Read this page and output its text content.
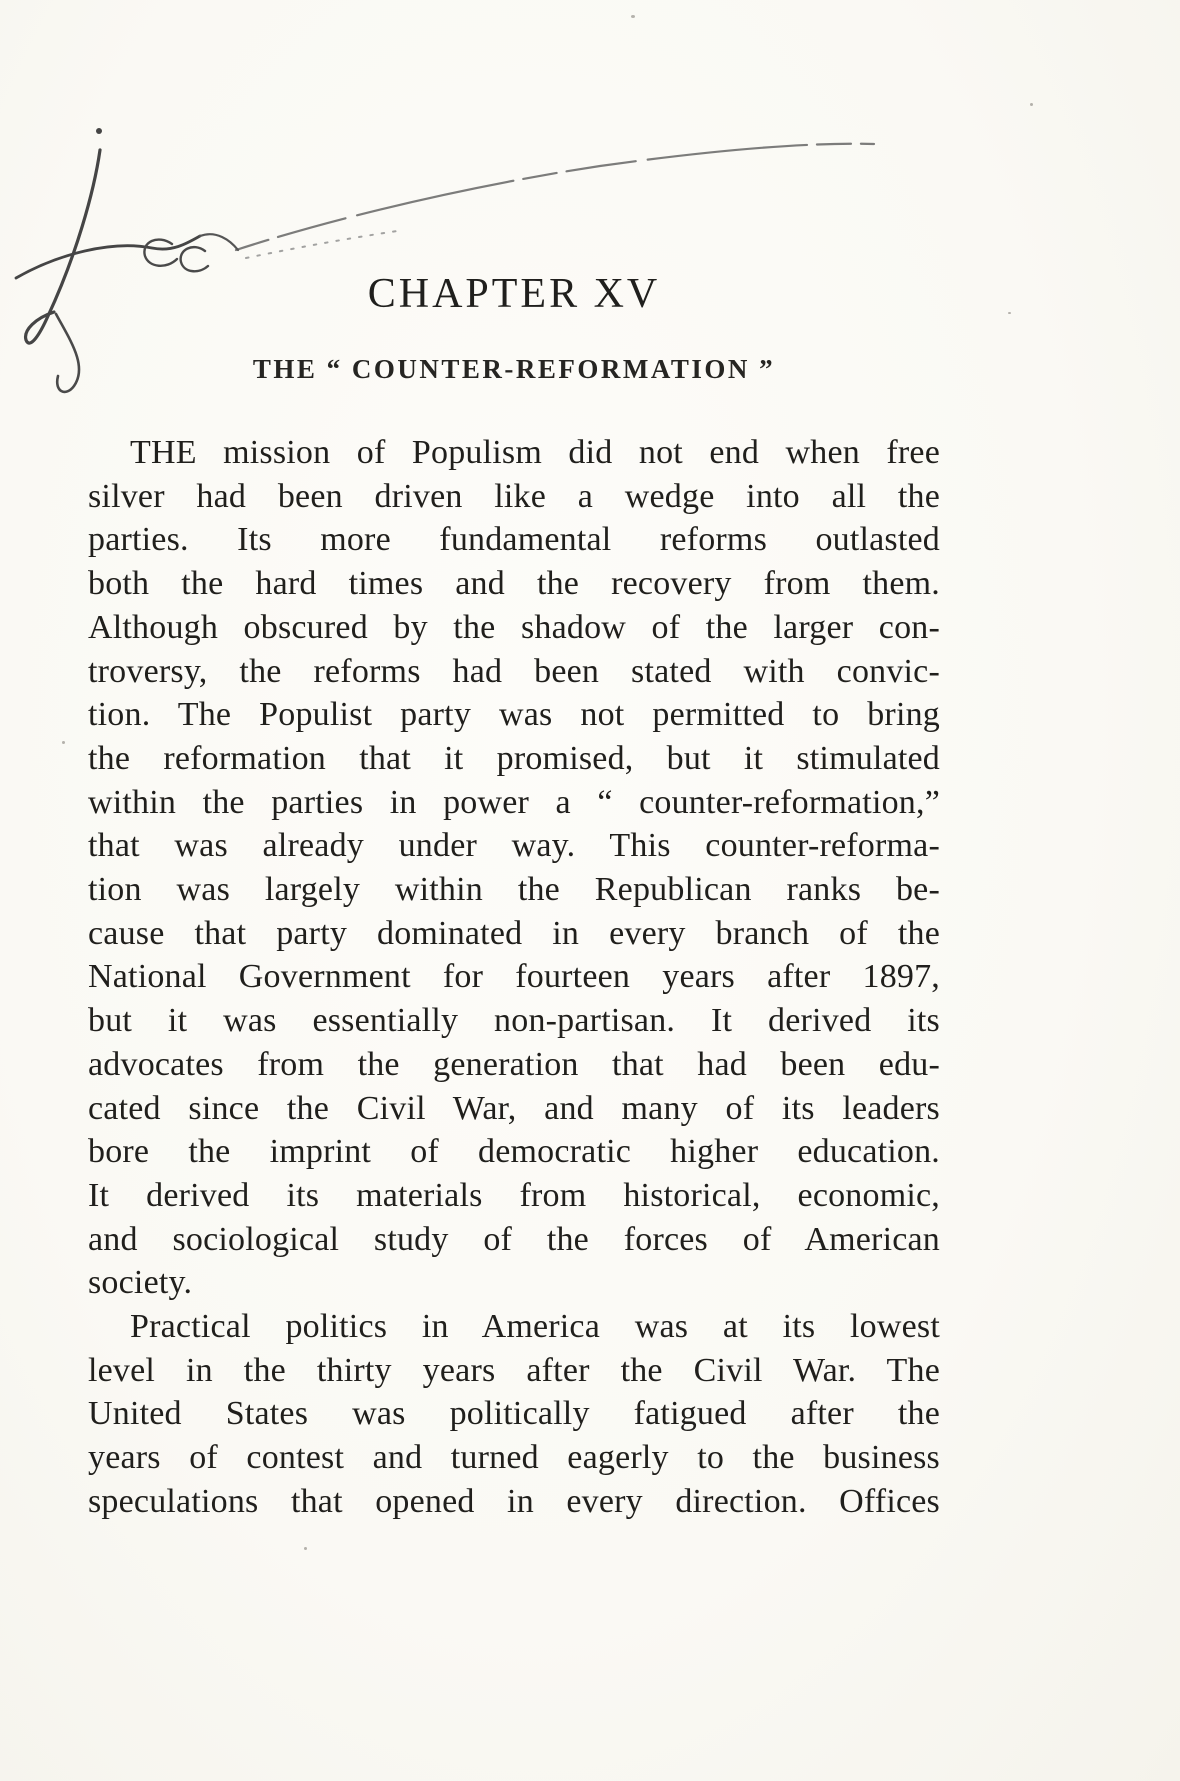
CHAPTER XV
THE “ COUNTER-REFORMATION ”

THE mission of Populism did not end when free
silver had been driven like a wedge into all the
parties. Its more fundamental reforms outlasted
both the hard times and the recovery from them.
Although obscured by the shadow of the larger con-
troversy, the reforms had been stated with convic-
tion. The Populist party was not permitted to bring
the reformation that it promised, but it stimulated
within the parties in power a “ counter-reformation,”
that was already under way. This counter-reforma-
tion was largely within the Republican ranks be-
cause that party dominated in every branch of the
National Government for fourteen years after 1897,
but it was essentially non-partisan. It derived its
advocates from the generation that had been edu-
cated since the Civil War, and many of its leaders
bore the imprint of democratic higher education.
It derived its materials from historical, economic,
and sociological study of the forces of American
society.

Practical politics in America was at its lowest
level in the thirty years after the Civil War. The
United States was politically fatigued after the
years of contest and turned eagerly to the business
speculations that opened in every direction. Offices
